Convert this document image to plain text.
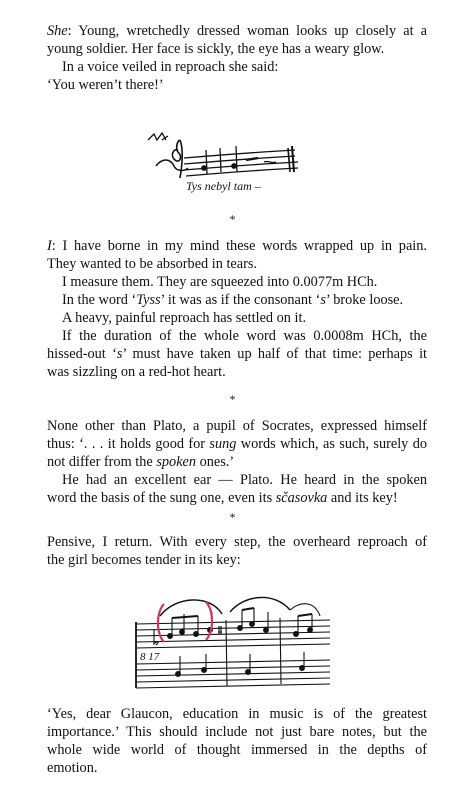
She: Young, wretchedly dressed woman looks up closely at a

young soldier. Her face is sickly, the eye has a weary glow.

In a voice veiled in reproach she said:

‘You weren’t there!’

Tys nebyl tam –
*

I: I have borne in my mind these words wrapped up in pain.

They wanted to be absorbed in tears.

I measure them. They are squeezed into 0.0077m HCh.

In the word ‘Tyss’ it was as if the consonant ‘s’ broke loose.

A heavy, painful reproach has settled on it.

If the duration of the whole word was 0.0008m HCh, the

hissed-out ‘s’ must have taken up half of that time: perhaps it

was sizzling on a red-hot heart.

*

None other than Plato, a pupil of Socrates, expressed himself

thus: ‘. . . it holds good for sung words which, as such, surely do

not differ from the spoken ones.’

He had an excellent ear — Plato. He heard in the spoken

word the basis of the sung one, even its sčasovka and its key!

*

Pensive, I return. With every step, the overheard reproach of

the girl becomes tender in its key:

8 17

‘Yes, dear Glaucon, education in music is of the greatest

importance.’ This should include not just bare notes, but the

whole wide world of thought immersed in the depths of

emotion.
